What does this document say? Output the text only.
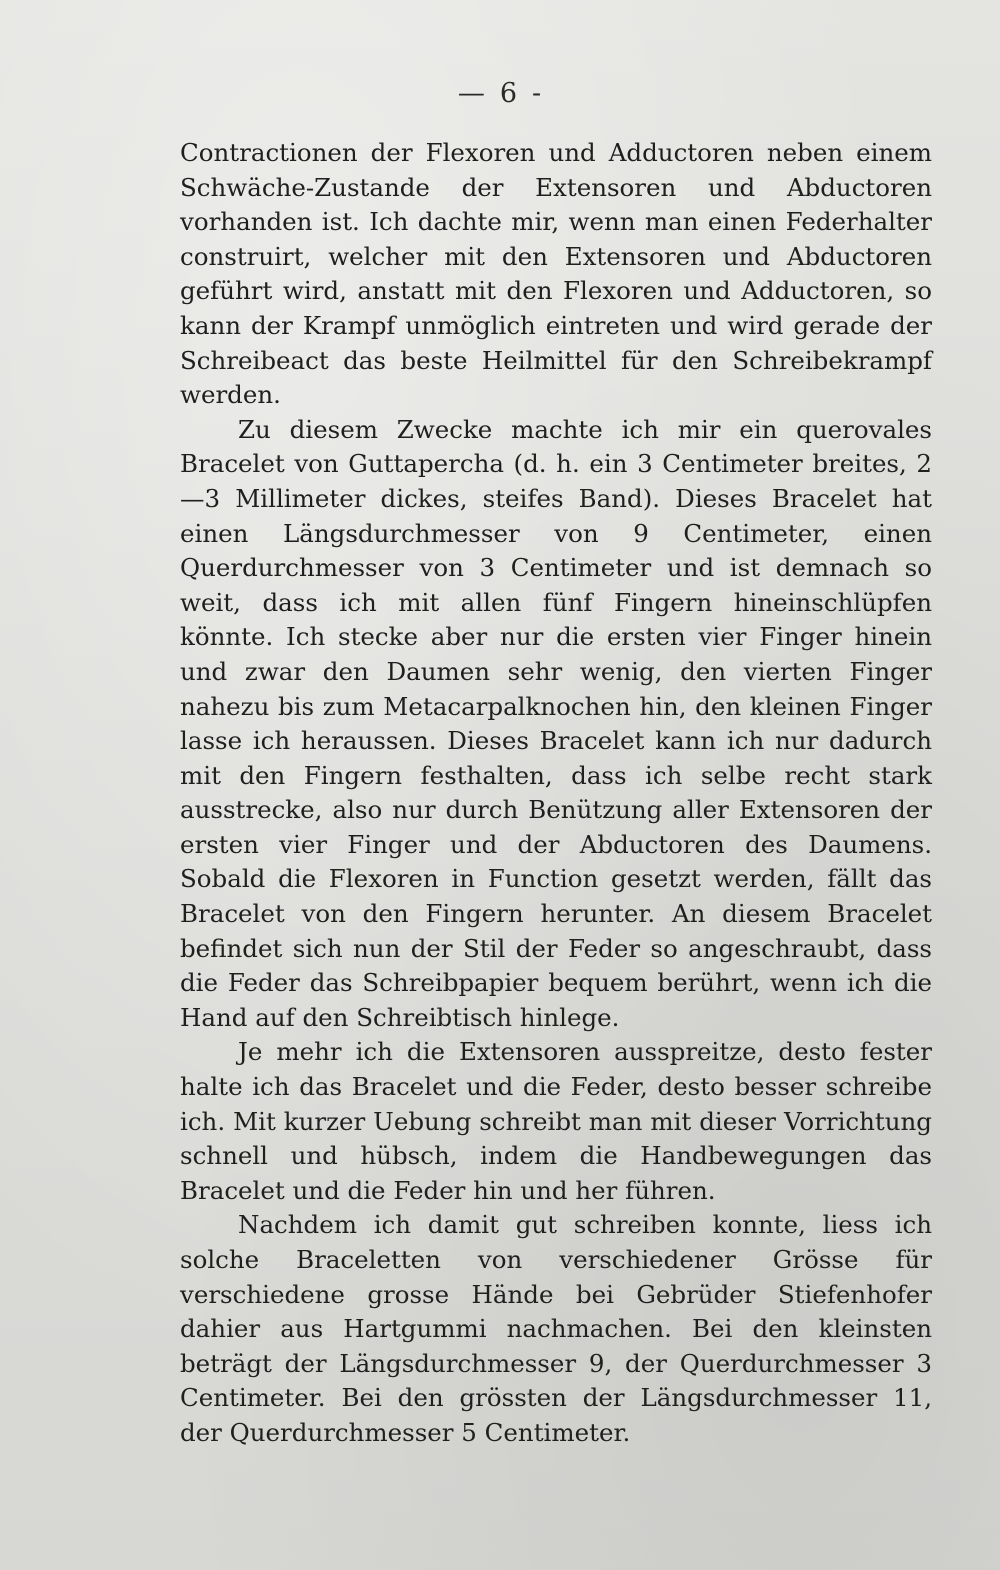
— 6 -

Contractionen der Flexoren und Adductoren neben einem Schwäche-Zustande der Extensoren und Abductoren vorhanden ist. Ich dachte mir, wenn man einen Federhalter construirt, welcher mit den Extensoren und Abductoren geführt wird, anstatt mit den Flexoren und Adductoren, so kann der Krampf unmöglich eintreten und wird gerade der Schreibeact das beste Heilmittel für den Schreibekrampf werden.

Zu diesem Zwecke machte ich mir ein querovales Bracelet von Guttapercha (d. h. ein 3 Centimeter breites, 2—3 Millimeter dickes, steifes Band). Dieses Bracelet hat einen Längsdurchmesser von 9 Centimeter, einen Querdurchmesser von 3 Centimeter und ist demnach so weit, dass ich mit allen fünf Fingern hineinschlüpfen könnte. Ich stecke aber nur die ersten vier Finger hinein und zwar den Daumen sehr wenig, den vierten Finger nahezu bis zum Metacarpalknochen hin, den kleinen Finger lasse ich heraussen. Dieses Bracelet kann ich nur dadurch mit den Fingern festhalten, dass ich selbe recht stark ausstrecke, also nur durch Benützung aller Extensoren der ersten vier Finger und der Abductoren des Daumens. Sobald die Flexoren in Function gesetzt werden, fällt das Bracelet von den Fingern herunter. An diesem Bracelet befindet sich nun der Stil der Feder so angeschraubt, dass die Feder das Schreibpapier bequem berührt, wenn ich die Hand auf den Schreibtisch hinlege.

Je mehr ich die Extensoren ausspreitze, desto fester halte ich das Bracelet und die Feder, desto besser schreibe ich. Mit kurzer Uebung schreibt man mit dieser Vorrichtung schnell und hübsch, indem die Handbewegungen das Bracelet und die Feder hin und her führen.

Nachdem ich damit gut schreiben konnte, liess ich solche Braceletten von verschiedener Grösse für verschiedene grosse Hände bei Gebrüder Stiefenhofer dahier aus Hartgummi nachmachen. Bei den kleinsten beträgt der Längsdurchmesser 9, der Querdurchmesser 3 Centimeter. Bei den grössten der Längsdurchmesser 11, der Querdurchmesser 5 Centimeter.
